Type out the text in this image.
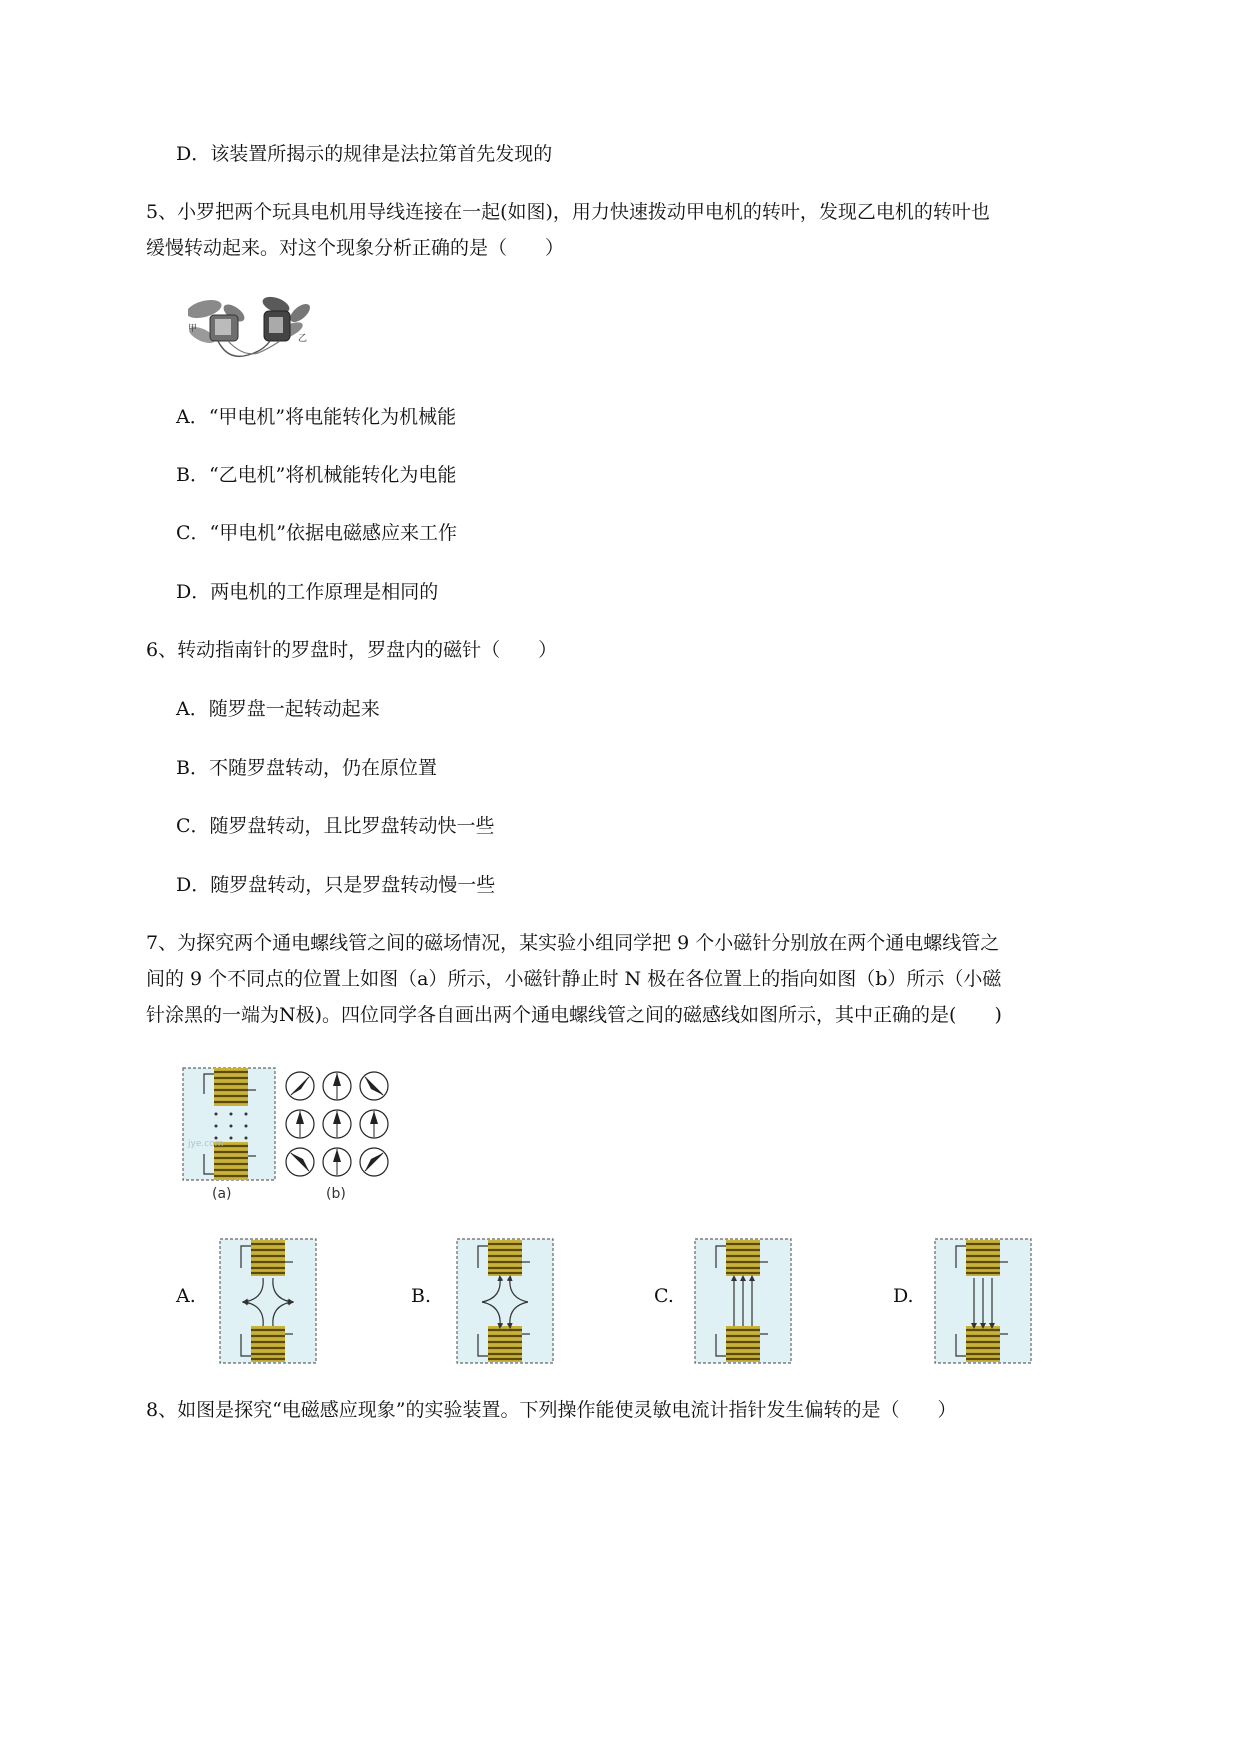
D．该装置所揭示的规律是法拉第首先发现的
5、小罗把两个玩具电机用导线连接在一起(如图)，用力快速拨动甲电机的转叶，发现乙电机的转叶也
缓慢转动起来。对这个现象分析正确的是（　　）
甲
乙
A．“甲电机”将电能转化为机械能
B．“乙电机”将机械能转化为电能
C．“甲电机”依据电磁感应来工作
D．两电机的工作原理是相同的
6、转动指南针的罗盘时，罗盘内的磁针（　　）
A．随罗盘一起转动起来
B．不随罗盘转动，仍在原位置
C．随罗盘转动，且比罗盘转动快一些
D．随罗盘转动，只是罗盘转动慢一些
7、为探究两个通电螺线管之间的磁场情况，某实验小组同学把 9 个小磁针分别放在两个通电螺线管之
间的 9 个不同点的位置上如图（a）所示，小磁针静止时 N 极在各位置上的指向如图（b）所示（小磁
针涂黑的一端为N极)。四位同学各自画出两个通电螺线管之间的磁感线如图所示，其中正确的是(　　)
jye.com
(a)	(b)
A.	B.	C.	D.
8、如图是探究“电磁感应现象”的实验装置。下列操作能使灵敏电流计指针发生偏转的是（　　）
